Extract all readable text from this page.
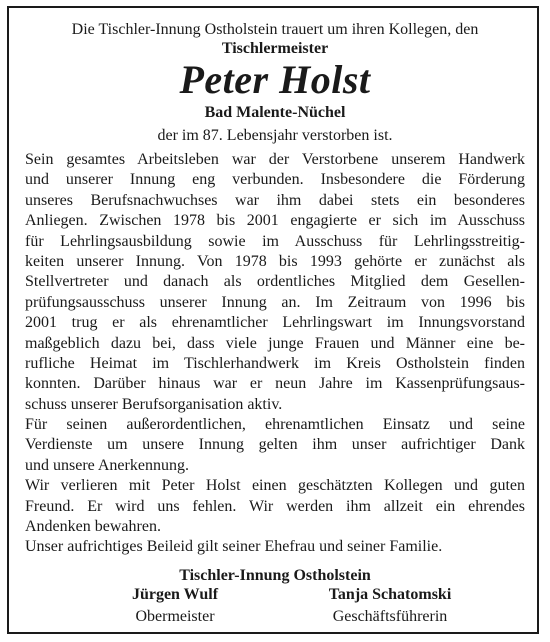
Die Tischler-Innung Ostholstein trauert um ihren Kollegen, den
Tischlermeister
Peter Holst
Bad Malente-Nüchel
der im 87. Lebensjahr verstorben ist.
Sein gesamtes Arbeitsleben war der Verstorbene unserem Handwerk
und unserer Innung eng verbunden. Insbesondere die Förderung
unseres Berufsnachwuchses war ihm dabei stets ein besonderes
Anliegen. Zwischen 1978 bis 2001 engagierte er sich im Ausschuss
für Lehrlingsausbildung sowie im Ausschuss für Lehrlingsstreitig-
keiten unserer Innung. Von 1978 bis 1993 gehörte er zunächst als
Stellvertreter und danach als ordentliches Mitglied dem Gesellen-
prüfungsausschuss unserer Innung an. Im Zeitraum von 1996 bis
2001 trug er als ehrenamtlicher Lehrlingswart im Innungsvorstand
maßgeblich dazu bei, dass viele junge Frauen und Männer eine be-
rufliche Heimat im Tischlerhandwerk im Kreis Ostholstein finden
konnten. Darüber hinaus war er neun Jahre im Kassenprüfungsaus-
schuss unserer Berufsorganisation aktiv.
Für seinen außerordentlichen, ehrenamtlichen Einsatz und seine
Verdienste um unsere Innung gelten ihm unser aufrichtiger Dank
und unsere Anerkennung.
Wir verlieren mit Peter Holst einen geschätzten Kollegen und guten
Freund. Er wird uns fehlen. Wir werden ihm allzeit ein ehrendes
Andenken bewahren.
Unser aufrichtiges Beileid gilt seiner Ehefrau und seiner Familie.
Tischler-Innung Ostholstein
Jürgen Wulf
Obermeister
Tanja Schatomski
Geschäftsführerin
